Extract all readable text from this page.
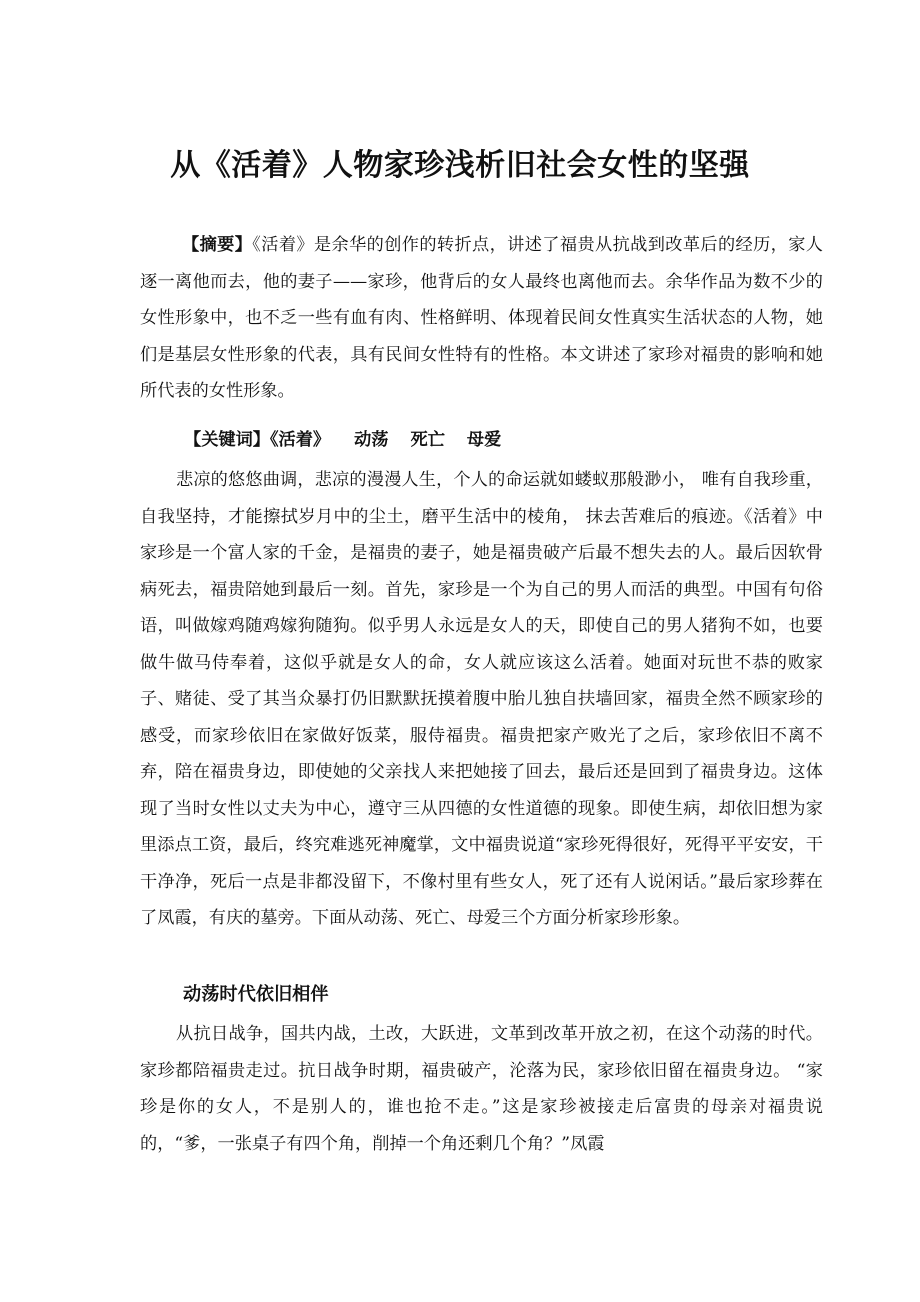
从《活着》人物家珍浅析旧社会女性的坚强
【摘要】《活着》是余华的创作的转折点，讲述了福贵从抗战到改革后的经历，家人逐一离他而去，他的妻子——家珍，他背后的女人最终也离他而去。余华作品为数不少的女性形象中，也不乏一些有血有肉、性格鲜明、体现着民间女性真实生活状态的人物，她们是基层女性形象的代表，具有民间女性特有的性格。本文讲述了家珍对福贵的影响和她所代表的女性形象。
【关键词】《活着》 动荡 死亡 母爱
悲凉的悠悠曲调，悲凉的漫漫人生，个人的命运就如蝼蚁那般渺小， 唯有自我珍重，自我坚持，才能擦拭岁月中的尘土，磨平生活中的棱角， 抹去苦难后的痕迹。《活着》中家珍是一个富人家的千金，是福贵的妻子，她是福贵破产后最不想失去的人。最后因软骨病死去，福贵陪她到最后一刻。首先，家珍是一个为自己的男人而活的典型。中国有句俗语，叫做嫁鸡随鸡嫁狗随狗。似乎男人永远是女人的天，即使自己的男人猪狗不如，也要做牛做马侍奉着，这似乎就是女人的命，女人就应该这么活着。她面对玩世不恭的败家子、赌徒、受了其当众暴打仍旧默默抚摸着腹中胎儿独自扶墙回家，福贵全然不顾家珍的感受，而家珍依旧在家做好饭菜，服侍福贵。福贵把家产败光了之后，家珍依旧不离不弃，陪在福贵身边，即使她的父亲找人来把她接了回去，最后还是回到了福贵身边。这体现了当时女性以丈夫为中心，遵守三从四德的女性道德的现象。即使生病，却依旧想为家里添点工资，最后，终究难逃死神魔掌，文中福贵说道“家珍死得很好，死得平平安安，干干净净，死后一点是非都没留下，不像村里有些女人，死了还有人说闲话。”最后家珍葬在了凤霞，有庆的墓旁。下面从动荡、死亡、母爱三个方面分析家珍形象。
动荡时代依旧相伴
从抗日战争，国共内战，土改，大跃进，文革到改革开放之初，在这个动荡的时代。家珍都陪福贵走过。抗日战争时期，福贵破产，沦落为民，家珍依旧留在福贵身边。 “家珍是你的女人，不是别人的，谁也抢不走。”这是家珍被接走后富贵的母亲对福贵说的，“爹，一张桌子有四个角，削掉一个角还剩几个角？”凤霞
